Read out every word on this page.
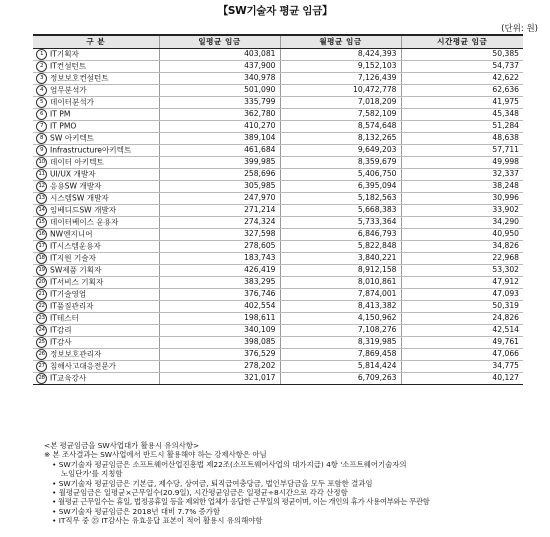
【SW기술자 평균 임금】
(단위: 원)
구 분	일평균 임금	월평균 임금	시간평균 임금
1 IT기획자	403,081	8,424,393	50,385
2 IT컨설턴트	437,900	9,152,103	54,737
3 정보보호컨설턴트	340,978	7,126,439	42,622
4 업무분석가	501,090	10,472,778	62,636
5 데이터분석가	335,799	7,018,209	41,975
6 IT PM	362,780	7,582,109	45,348
7 IT PMO	410,270	8,574,648	51,284
8 SW 아키텍트	389,104	8,132,265	48,638
9 Infrastructure아키텍트	461,684	9,649,203	57,711
10 데이터 아키텍트	399,985	8,359,679	49,998
11 UI/UX 개발자	258,696	5,406,750	32,337
12 응용SW 개발자	305,985	6,395,094	38,248
13 시스템SW 개발자	247,970	5,182,563	30,996
14 임베디드SW 개발자	271,214	5,668,383	33,902
15 데이터베이스 운용자	274,324	5,733,364	34,290
16 NW엔지니어	327,598	6,846,793	40,950
17 IT시스템운용자	278,605	5,822,848	34,826
18 IT지원 기술자	183,743	3,840,221	22,968
19 SW제품 기획자	426,419	8,912,158	53,302
20 IT서비스 기획자	383,295	8,010,861	47,912
21 IT기술영업	376,746	7,874,001	47,093
22 IT품질관리자	402,554	8,413,382	50,319
23 IT테스터	198,611	4,150,962	24,826
24 IT감리	340,109	7,108,276	42,514
25 IT감사	398,085	8,319,985	49,761
26 정보보호관리자	376,529	7,869,458	47,066
27 침해사고대응전문가	278,202	5,814,424	34,775
28 IT교육강사	321,017	6,709,263	40,127
<본 평균임금을 SW사업대가 활용시 유의사항>
※ 본 조사결과는 SW사업에서 반드시 활용해야 하는 강제사항은 아님
• SW기술자 평균임금은 소프트웨어산업진흥법 제22조(소프트웨어사업의 대가지급) 4항 '소프트웨어기술자의
노임단가'를 지칭함
• SW기술자 평균임금은 기본급, 제수당, 상여금, 퇴직급여충당금, 법인부담금을 모두 포함한 결과임
• 월평균임금은 일평균×근무일수(20.9일), 시간평균임금은 일평균÷8시간으로 각각 산정함
• 월평균 근무일수는 휴일, 법정공휴일 등을 제외한 업체가 응답한 근무일의 평균이며, 이는 개인의 휴가 사용여부와는 무관함
• SW기술자 평균임금은 2018년 대비 7.7% 증가함
• IT직무 중 ㉕ IT감사는 유효응답 표본이 적어 활용시 유의해야함
